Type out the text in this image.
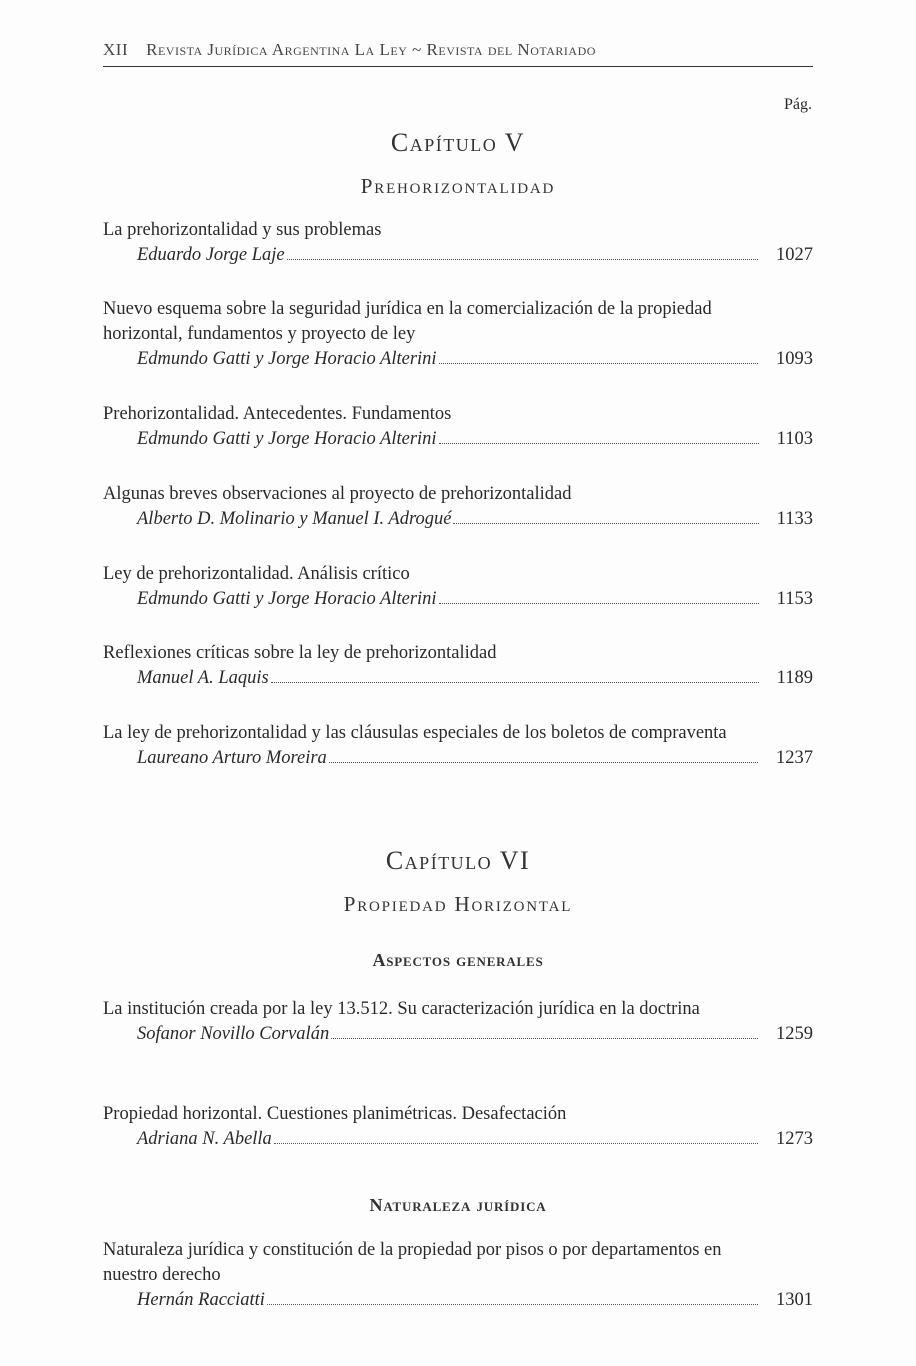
XII Revista Jurídica Argentina La Ley ~ Revista del Notariado
Pág.
Capítulo V
Prehorizontalidad
La prehorizontalidad y sus problemas
Eduardo Jorge Laje	1027
Nuevo esquema sobre la seguridad jurídica en la comercialización de la propiedad horizontal, fundamentos y proyecto de ley
Edmundo Gatti y Jorge Horacio Alterini	1093
Prehorizontalidad. Antecedentes. Fundamentos
Edmundo Gatti y Jorge Horacio Alterini	1103
Algunas breves observaciones al proyecto de prehorizontalidad
Alberto D. Molinario y Manuel I. Adrogué	1133
Ley de prehorizontalidad. Análisis crítico
Edmundo Gatti y Jorge Horacio Alterini	1153
Reflexiones críticas sobre la ley de prehorizontalidad
Manuel A. Laquis	1189
La ley de prehorizontalidad y las cláusulas especiales de los boletos de compraventa
Laureano Arturo Moreira	1237
Capítulo VI
Propiedad Horizontal
Aspectos generales
La institución creada por la ley 13.512. Su caracterización jurídica en la doctrina
Sofanor Novillo Corvalán	1259
Propiedad horizontal. Cuestiones planimétricas. Desafectación
Adriana N. Abella	1273
Naturaleza jurídica
Naturaleza jurídica y constitución de la propiedad por pisos o por departamentos en nuestro derecho
Hernán Racciatti	1301
